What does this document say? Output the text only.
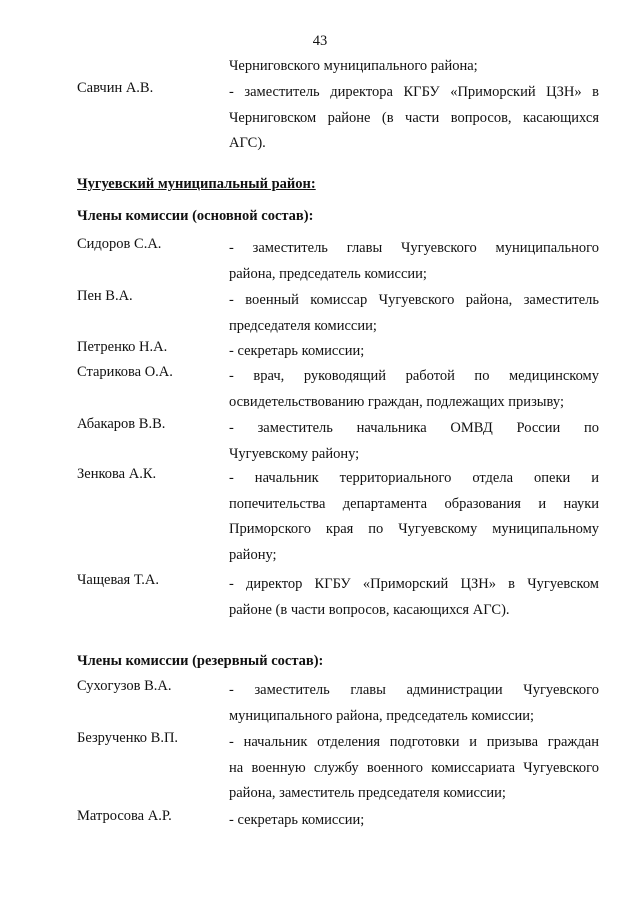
43
Черниговского муниципального района;
Савчин А.В.	- заместитель директора КГБУ «Приморский ЦЗН» в
Черниговском районе (в части вопросов, касающихся
АГС).
Чугуевский муниципальный район:
Члены комиссии (основной состав):
Сидоров С.А.	- заместитель главы Чугуевского муниципального
района, председатель комиссии;
Пен В.А.	- военный комиссар Чугуевского района, заместитель
председателя комиссии;
Петренко Н.А.	- секретарь комиссии;
Старикова О.А.	- врач, руководящий работой по медицинскому
освидетельствованию граждан, подлежащих призыву;
Абакаров В.В.	- заместитель начальника ОМВД России по
Чугуевскому району;
Зенкова А.К.	- начальник территориального отдела опеки и
попечительства департамента образования и науки
Приморского края по Чугуевскому муниципальному
району;
Чащевая Т.А.	- директор КГБУ «Приморский ЦЗН» в Чугуевском
районе (в части вопросов, касающихся АГС).
Члены комиссии (резервный состав):
Сухогузов В.А.	- заместитель главы администрации Чугуевского
муниципального района, председатель комиссии;
Безрученко В.П.	- начальник отделения подготовки и призыва граждан
на военную службу военного комиссариата Чугуевского
района, заместитель председателя комиссии;
Матросова А.Р.	- секретарь комиссии;
